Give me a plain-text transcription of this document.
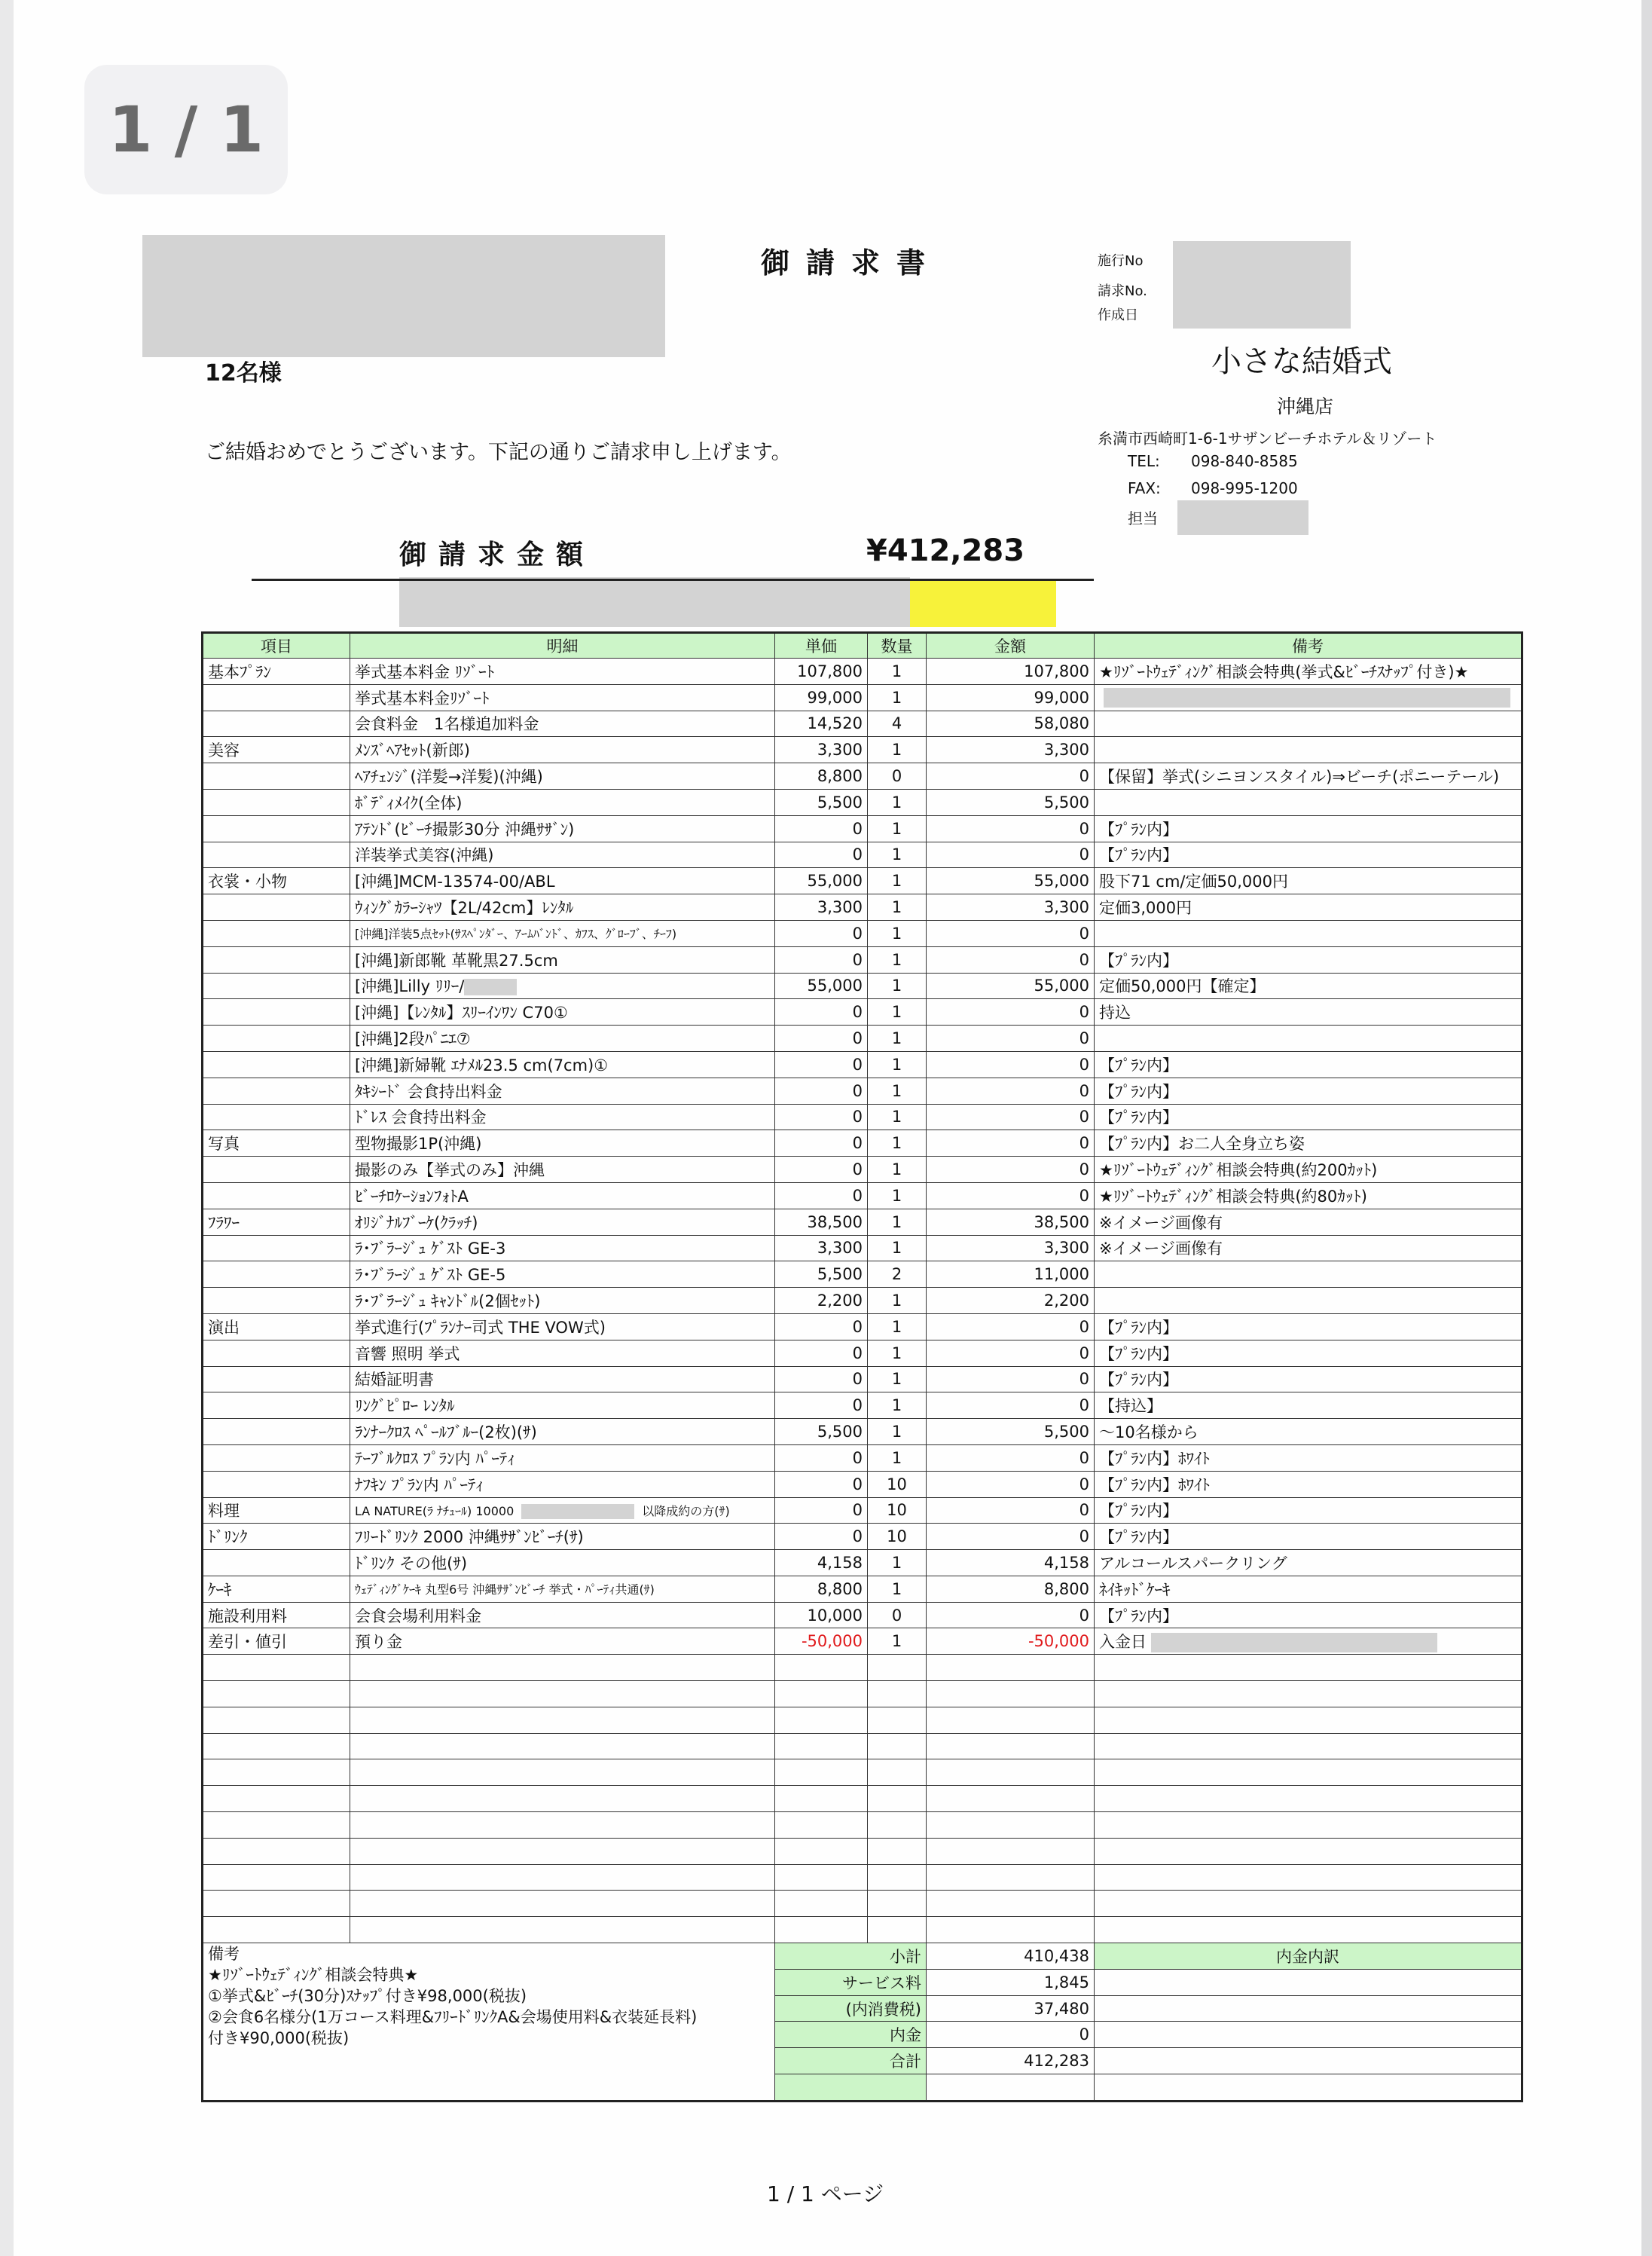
1 / 1
御請求書	施行No
請求No.
作成日
12名様
ご結婚おめでとうございます。下記の通りご請求申し上げます。
小さな結婚式
沖縄店
糸満市西崎町1-6-1サザンビーチホテル＆リゾート
TEL: 098-840-8585
FAX: 098-995-1200
担当
御請求金額	¥412,283
項目	明細	単価	数量	金額	備考
基本ﾌﾟﾗﾝ	挙式基本料金 ﾘｿﾞｰﾄ	107,800	1	107,800	★ﾘｿﾞｰﾄｳｪﾃﾞｨﾝｸﾞ相談会特典(挙式&ﾋﾞｰﾁｽﾅｯﾌﾟ付き)★
	挙式基本料金ﾘｿﾞｰﾄ	99,000	1	99,000	
	会食料金　1名様追加料金	14,520	4	58,080	
美容	ﾒﾝｽﾞﾍｱｾｯﾄ(新郎)	3,300	1	3,300	
	ﾍｱﾁｪﾝｼﾞ(洋髪→洋髪)(沖縄)	8,800	0	0	【保留】挙式(シニヨンスタイル)⇒ビーチ(ポニーテール)
	ﾎﾞﾃﾞｨﾒｲｸ(全体)	5,500	1	5,500	
	ｱﾃﾝﾄﾞ(ﾋﾞｰﾁ撮影30分 沖縄ｻｻﾞﾝ)	0	1	0	【ﾌﾟﾗﾝ内】
	洋装挙式美容(沖縄)	0	1	0	【ﾌﾟﾗﾝ内】
衣裳・小物	[沖縄]MCM-13574-00/ABL	55,000	1	55,000	股下71 cm/定価50,000円
	ｳｨﾝｸﾞｶﾗｰｼｬﾂ【2L/42cm】ﾚﾝﾀﾙ	3,300	1	3,300	定価3,000円
	[沖縄]洋装5点ｾｯﾄ(ｻｽﾍﾟﾝﾀﾞｰ、ｱｰﾑﾊﾞﾝﾄﾞ、ｶﾌｽ、ｸﾞﾛｰﾌﾞ、ﾁｰﾌ)	0	1	0	
	[沖縄]新郎靴 革靴黒27.5cm	0	1	0	【ﾌﾟﾗﾝ内】
	[沖縄]Lilly ﾘﾘｰ/	55,000	1	55,000	定価50,000円【確定】
	[沖縄]【ﾚﾝﾀﾙ】ｽﾘｰｲﾝﾜﾝ C70①	0	1	0	持込
	[沖縄]2段ﾊﾟﾆｴ⑦	0	1	0	
	[沖縄]新婦靴 ｴﾅﾒﾙ23.5 cm(7cm)①	0	1	0	【ﾌﾟﾗﾝ内】
	ﾀｷｼｰﾄﾞ 会食持出料金	0	1	0	【ﾌﾟﾗﾝ内】
	ﾄﾞﾚｽ 会食持出料金	0	1	0	【ﾌﾟﾗﾝ内】
写真	型物撮影1P(沖縄)	0	1	0	【ﾌﾟﾗﾝ内】お二人全身立ち姿
	撮影のみ【挙式のみ】沖縄	0	1	0	★ﾘｿﾞｰﾄｳｪﾃﾞｨﾝｸﾞ相談会特典(約200ｶｯﾄ)
	ﾋﾞｰﾁﾛｹｰｼｮﾝﾌｫﾄA	0	1	0	★ﾘｿﾞｰﾄｳｪﾃﾞｨﾝｸﾞ相談会特典(約80ｶｯﾄ)
ﾌﾗﾜｰ	ｵﾘｼﾞﾅﾙﾌﾞｰｹ(ｸﾗｯﾁ)	38,500	1	38,500	※イメージ画像有
	ﾗ･ﾌﾞﾗｰｼﾞｭ ｹﾞｽﾄ GE-3	3,300	1	3,300	※イメージ画像有
	ﾗ･ﾌﾞﾗｰｼﾞｭ ｹﾞｽﾄ GE-5	5,500	2	11,000	
	ﾗ･ﾌﾞﾗｰｼﾞｭ ｷｬﾝﾄﾞﾙ(2個ｾｯﾄ)	2,200	1	2,200	
演出	挙式進行(ﾌﾟﾗﾝﾅｰ司式 THE VOW式)	0	1	0	【ﾌﾟﾗﾝ内】
	音響 照明 挙式	0	1	0	【ﾌﾟﾗﾝ内】
	結婚証明書	0	1	0	【ﾌﾟﾗﾝ内】
	ﾘﾝｸﾞﾋﾟﾛｰ ﾚﾝﾀﾙ	0	1	0	【持込】
	ﾗﾝﾅｰｸﾛｽ ﾍﾟｰﾙﾌﾞﾙｰ(2枚)(ｻ)	5,500	1	5,500	～10名様から
	ﾃｰﾌﾞﾙｸﾛｽ ﾌﾟﾗﾝ内 ﾊﾟｰﾃｨ	0	1	0	【ﾌﾟﾗﾝ内】ﾎﾜｲﾄ
	ﾅﾌｷﾝ ﾌﾟﾗﾝ内 ﾊﾟｰﾃｨ	0	10	0	【ﾌﾟﾗﾝ内】ﾎﾜｲﾄ
料理	LA NATURE(ﾗ ﾅﾁｭｰﾙ) 10000 以降成約の方(ｻ)	0	10	0	【ﾌﾟﾗﾝ内】
ﾄﾞﾘﾝｸ	ﾌﾘｰﾄﾞﾘﾝｸ 2000 沖縄ｻｻﾞﾝﾋﾞｰﾁ(ｻ)	0	10	0	【ﾌﾟﾗﾝ内】
	ﾄﾞﾘﾝｸ その他(ｻ)	4,158	1	4,158	アルコールスパークリング
ｹｰｷ	ｳｪﾃﾞｨﾝｸﾞｹｰｷ 丸型6号 沖縄ｻｻﾞﾝﾋﾞｰﾁ 挙式・ﾊﾟｰﾃｨ共通(ｻ)	8,800	1	8,800	ﾈｲｷｯﾄﾞｹｰｷ
施設利用料	会食会場利用料金	10,000	0	0	【ﾌﾟﾗﾝ内】
差引・値引	預り金	-50,000	1	-50,000	入金日

備考
★ﾘｿﾞｰﾄｳｪﾃﾞｨﾝｸﾞ相談会特典★
①挙式&ﾋﾞｰﾁ(30分)ｽﾅｯﾌﾟ付き¥98,000(税抜)
②会食6名様分(1万コース料理&ﾌﾘｰﾄﾞﾘﾝｸA&会場使用料&衣装延長料)
付き¥90,000(税抜)		小計		410,438	内金内訳
		サービス料		1,845	
		(内消費税)		37,480	
		内金		0	
		合計		412,283	

1 / 1 ページ
